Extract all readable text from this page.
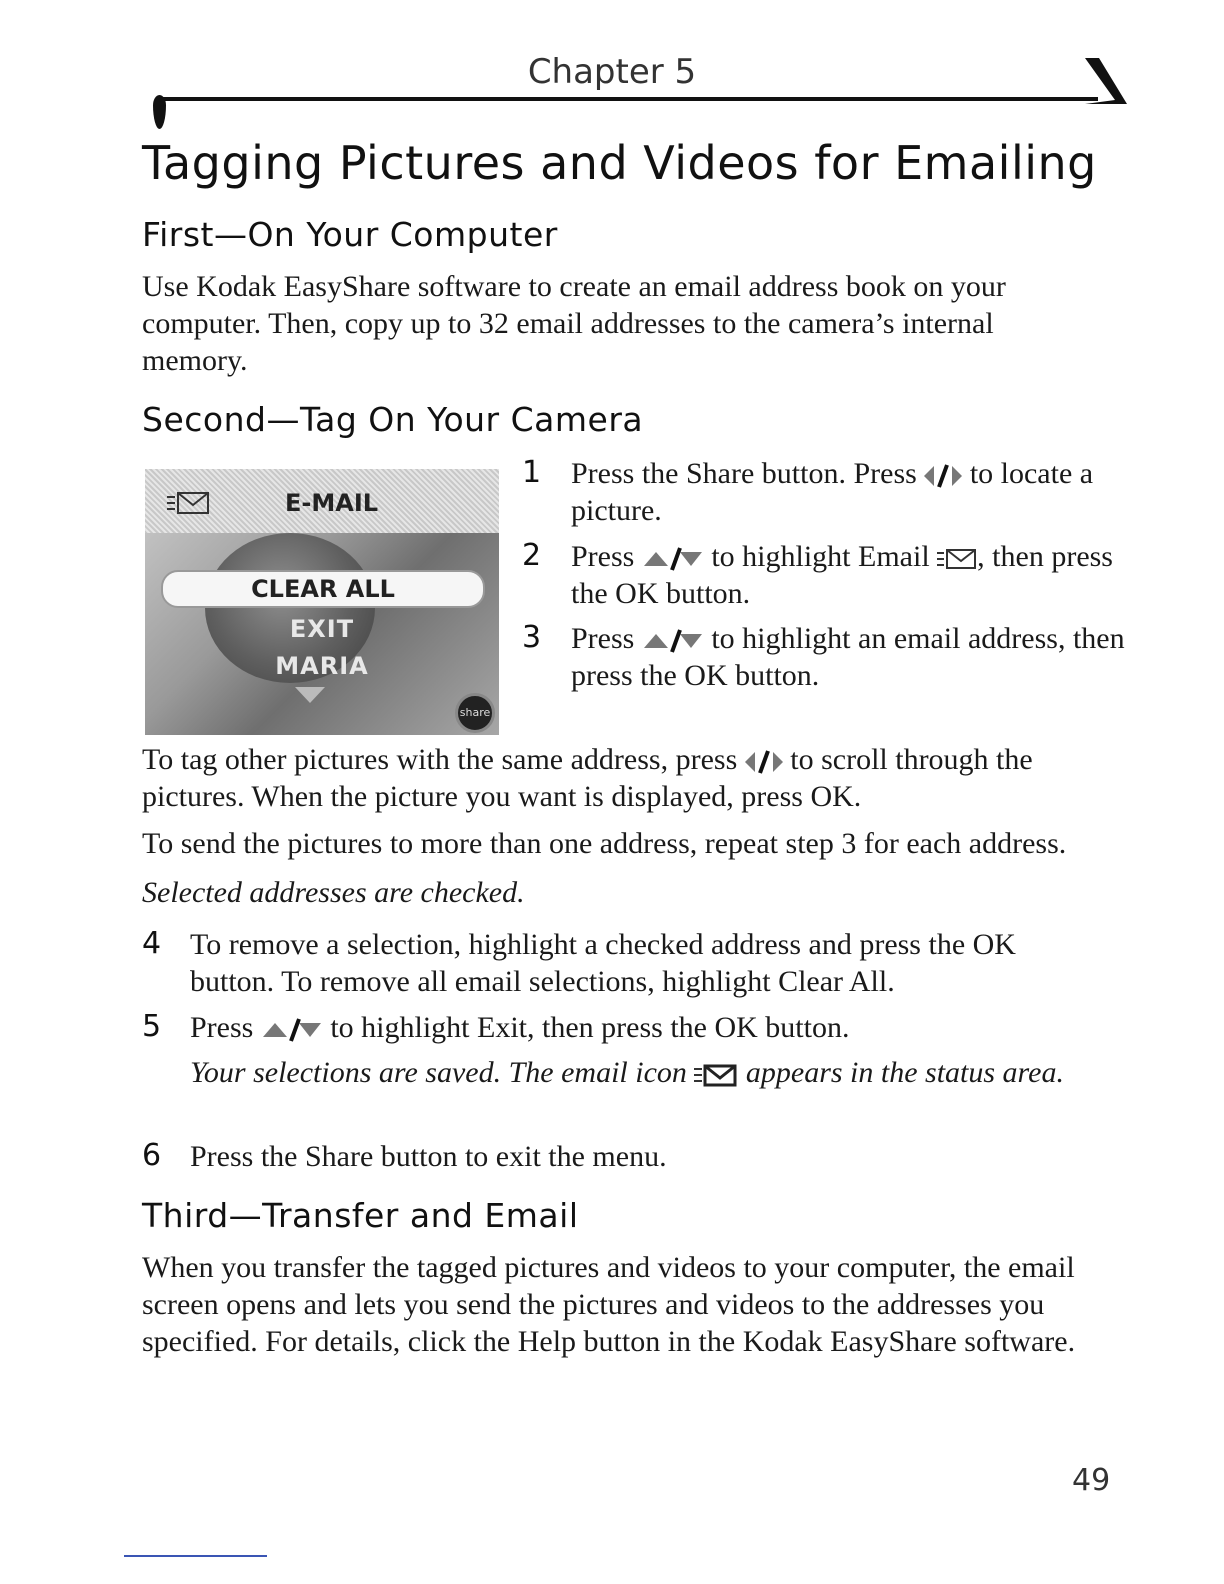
Chapter 5
Tagging Pictures and Videos for Emailing
First—On Your Computer

Use Kodak EasyShare software to create an email address book on your computer. Then, copy up to 32 email addresses to the camera’s internal memory.

Second—Tag On Your Camera
E-MAIL
CLEAR ALL
EXIT
MARIA
share
1 Press the Share button. Press to locate a picture.
2 Press	to highlight Email , then press the OK button.
3 Press	to highlight an email address, then press the OK button.
To tag other pictures with the same address, press to scroll through the pictures. When the picture you want is displayed, press OK.
To send the pictures to more than one address, repeat step 3 for each address.
Selected addresses are checked.
4 To remove a selection, highlight a checked address and press the OK button. To remove all email selections, highlight Clear All.
5 Press	to highlight Exit, then press the OK button.
Your selections are saved. The email icon appears in the status area.
6 Press the Share button to exit the menu.
Third—Transfer and Email

When you transfer the tagged pictures and videos to your computer, the email screen opens and lets you send the pictures and videos to the addresses you specified. For details, click the Help button in the Kodak EasyShare software.

49
